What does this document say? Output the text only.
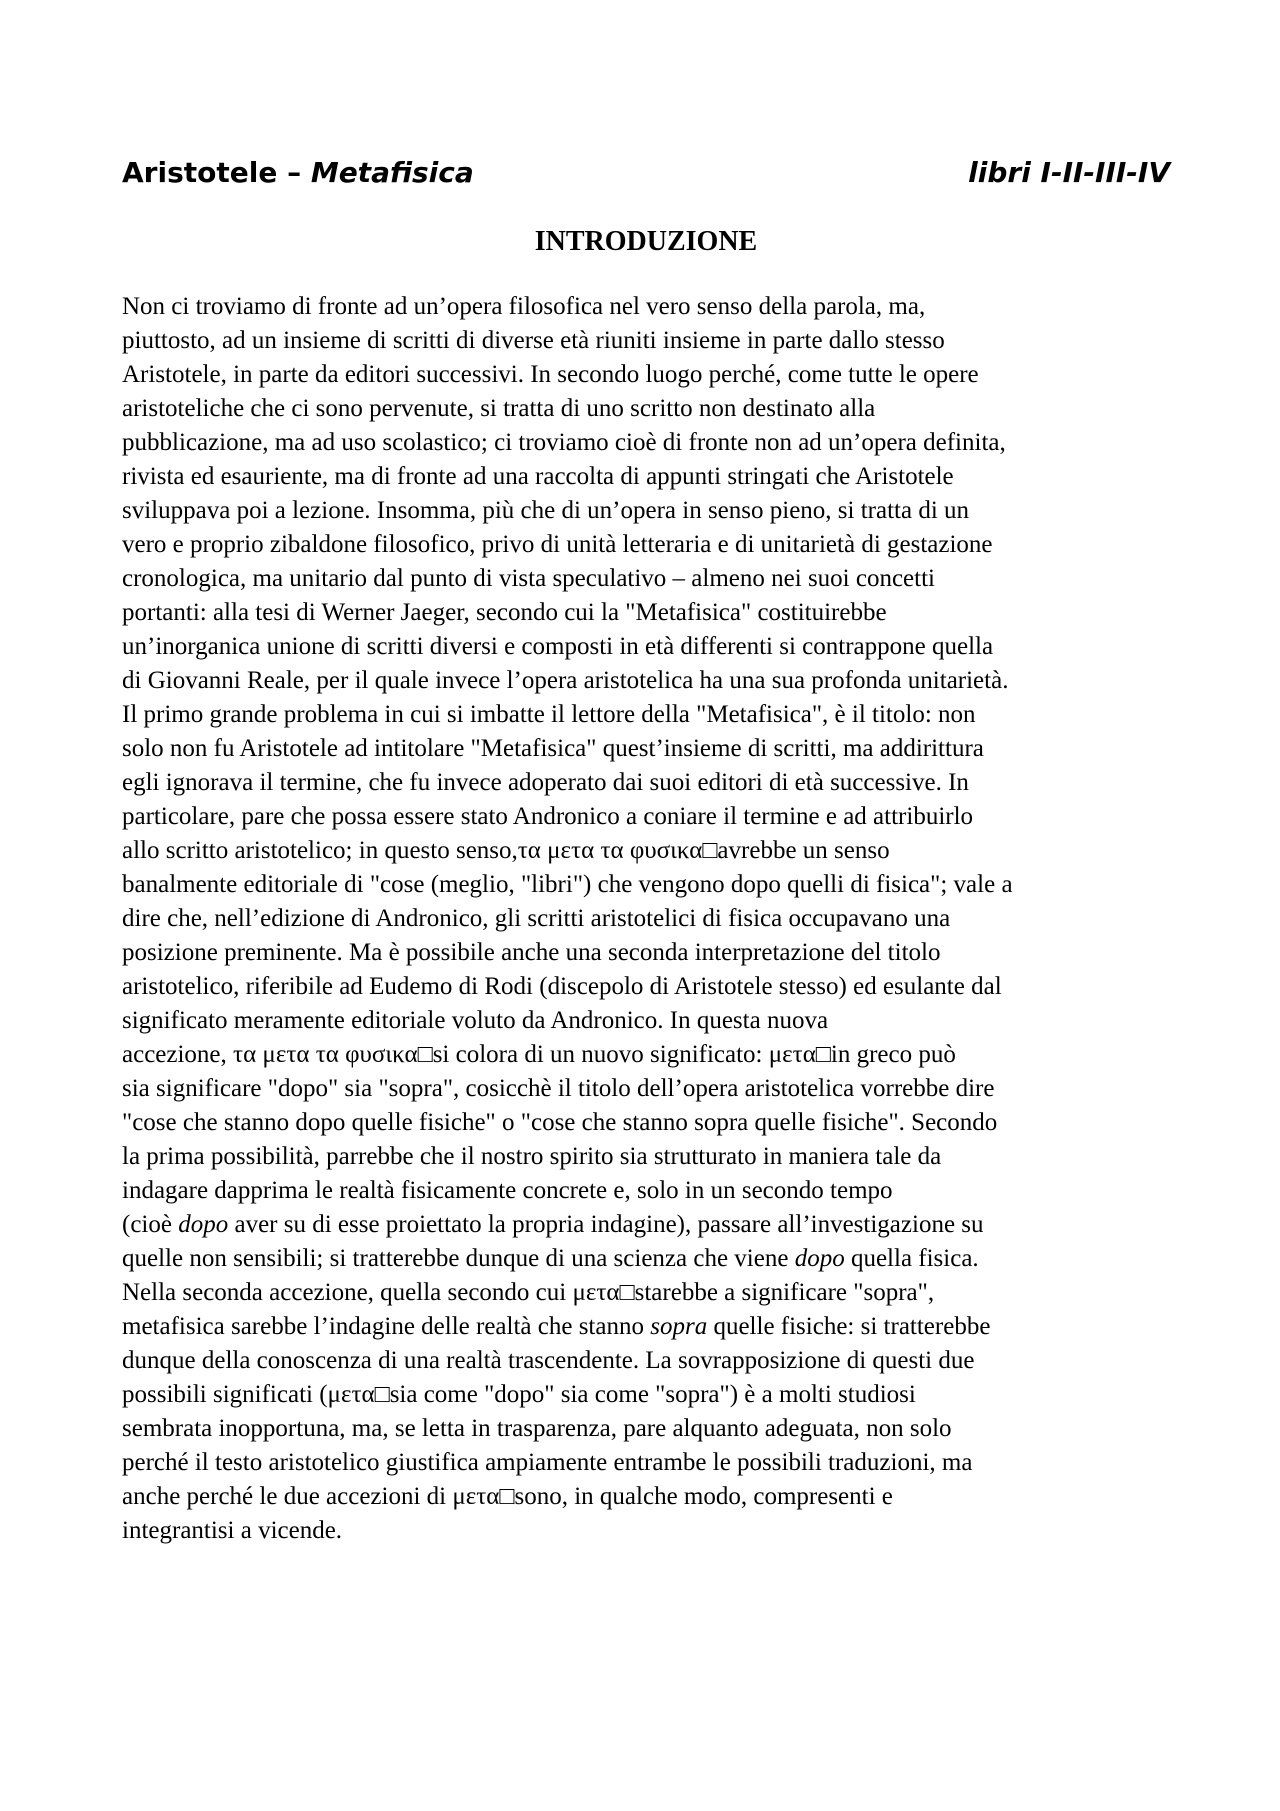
Aristotele – Metafisica	libri I-II-III-IV
INTRODUZIONE
Non ci troviamo di fronte ad un’opera filosofica nel vero senso della parola, ma,
piuttosto, ad un insieme di scritti di diverse età riuniti insieme in parte dallo stesso
Aristotele, in parte da editori successivi. In secondo luogo perché, come tutte le opere
aristoteliche che ci sono pervenute, si tratta di uno scritto non destinato alla
pubblicazione, ma ad uso scolastico; ci troviamo cioè di fronte non ad un’opera definita,
rivista ed esauriente, ma di fronte ad una raccolta di appunti stringati che Aristotele
sviluppava poi a lezione. Insomma, più che di un’opera in senso pieno, si tratta di un
vero e proprio zibaldone filosofico, privo di unità letteraria e di unitarietà di gestazione
cronologica, ma unitario dal punto di vista speculativo – almeno nei suoi concetti
portanti: alla tesi di Werner Jaeger, secondo cui la "Metafisica" costituirebbe
un’inorganica unione di scritti diversi e composti in età differenti si contrappone quella
di Giovanni Reale, per il quale invece l’opera aristotelica ha una sua profonda unitarietà.
Il primo grande problema in cui si imbatte il lettore della "Metafisica", è il titolo: non
solo non fu Aristotele ad intitolare "Metafisica" quest’insieme di scritti, ma addirittura
egli ignorava il termine, che fu invece adoperato dai suoi editori di età successive. In
particolare, pare che possa essere stato Andronico a coniare il termine e ad attribuirlo
allo scritto aristotelico; in questo senso,τα μετα τα φυσικα□avrebbe un senso
banalmente editoriale di "cose (meglio, "libri") che vengono dopo quelli di fisica"; vale a
dire che, nell’edizione di Andronico, gli scritti aristotelici di fisica occupavano una
posizione preminente. Ma è possibile anche una seconda interpretazione del titolo
aristotelico, riferibile ad Eudemo di Rodi (discepolo di Aristotele stesso) ed esulante dal
significato meramente editoriale voluto da Andronico. In questa nuova
accezione, τα μετα τα φυσικα□si colora di un nuovo significato: μετα□in greco può
sia significare "dopo" sia "sopra", cosicchè il titolo dell’opera aristotelica vorrebbe dire
"cose che stanno dopo quelle fisiche" o "cose che stanno sopra quelle fisiche". Secondo
la prima possibilità, parrebbe che il nostro spirito sia strutturato in maniera tale da
indagare dapprima le realtà fisicamente concrete e, solo in un secondo tempo
(cioè dopo aver su di esse proiettato la propria indagine), passare all’investigazione su
quelle non sensibili; si tratterebbe dunque di una scienza che viene dopo quella fisica.
Nella seconda accezione, quella secondo cui μετα□starebbe a significare "sopra",
metafisica sarebbe l’indagine delle realtà che stanno sopra quelle fisiche: si tratterebbe
dunque della conoscenza di una realtà trascendente. La sovrapposizione di questi due
possibili significati (μετα□sia come "dopo" sia come "sopra") è a molti studiosi
sembrata inopportuna, ma, se letta in trasparenza, pare alquanto adeguata, non solo
perché il testo aristotelico giustifica ampiamente entrambe le possibili traduzioni, ma
anche perché le due accezioni di μετα□sono, in qualche modo, compresenti e
integrantisi a vicende.
